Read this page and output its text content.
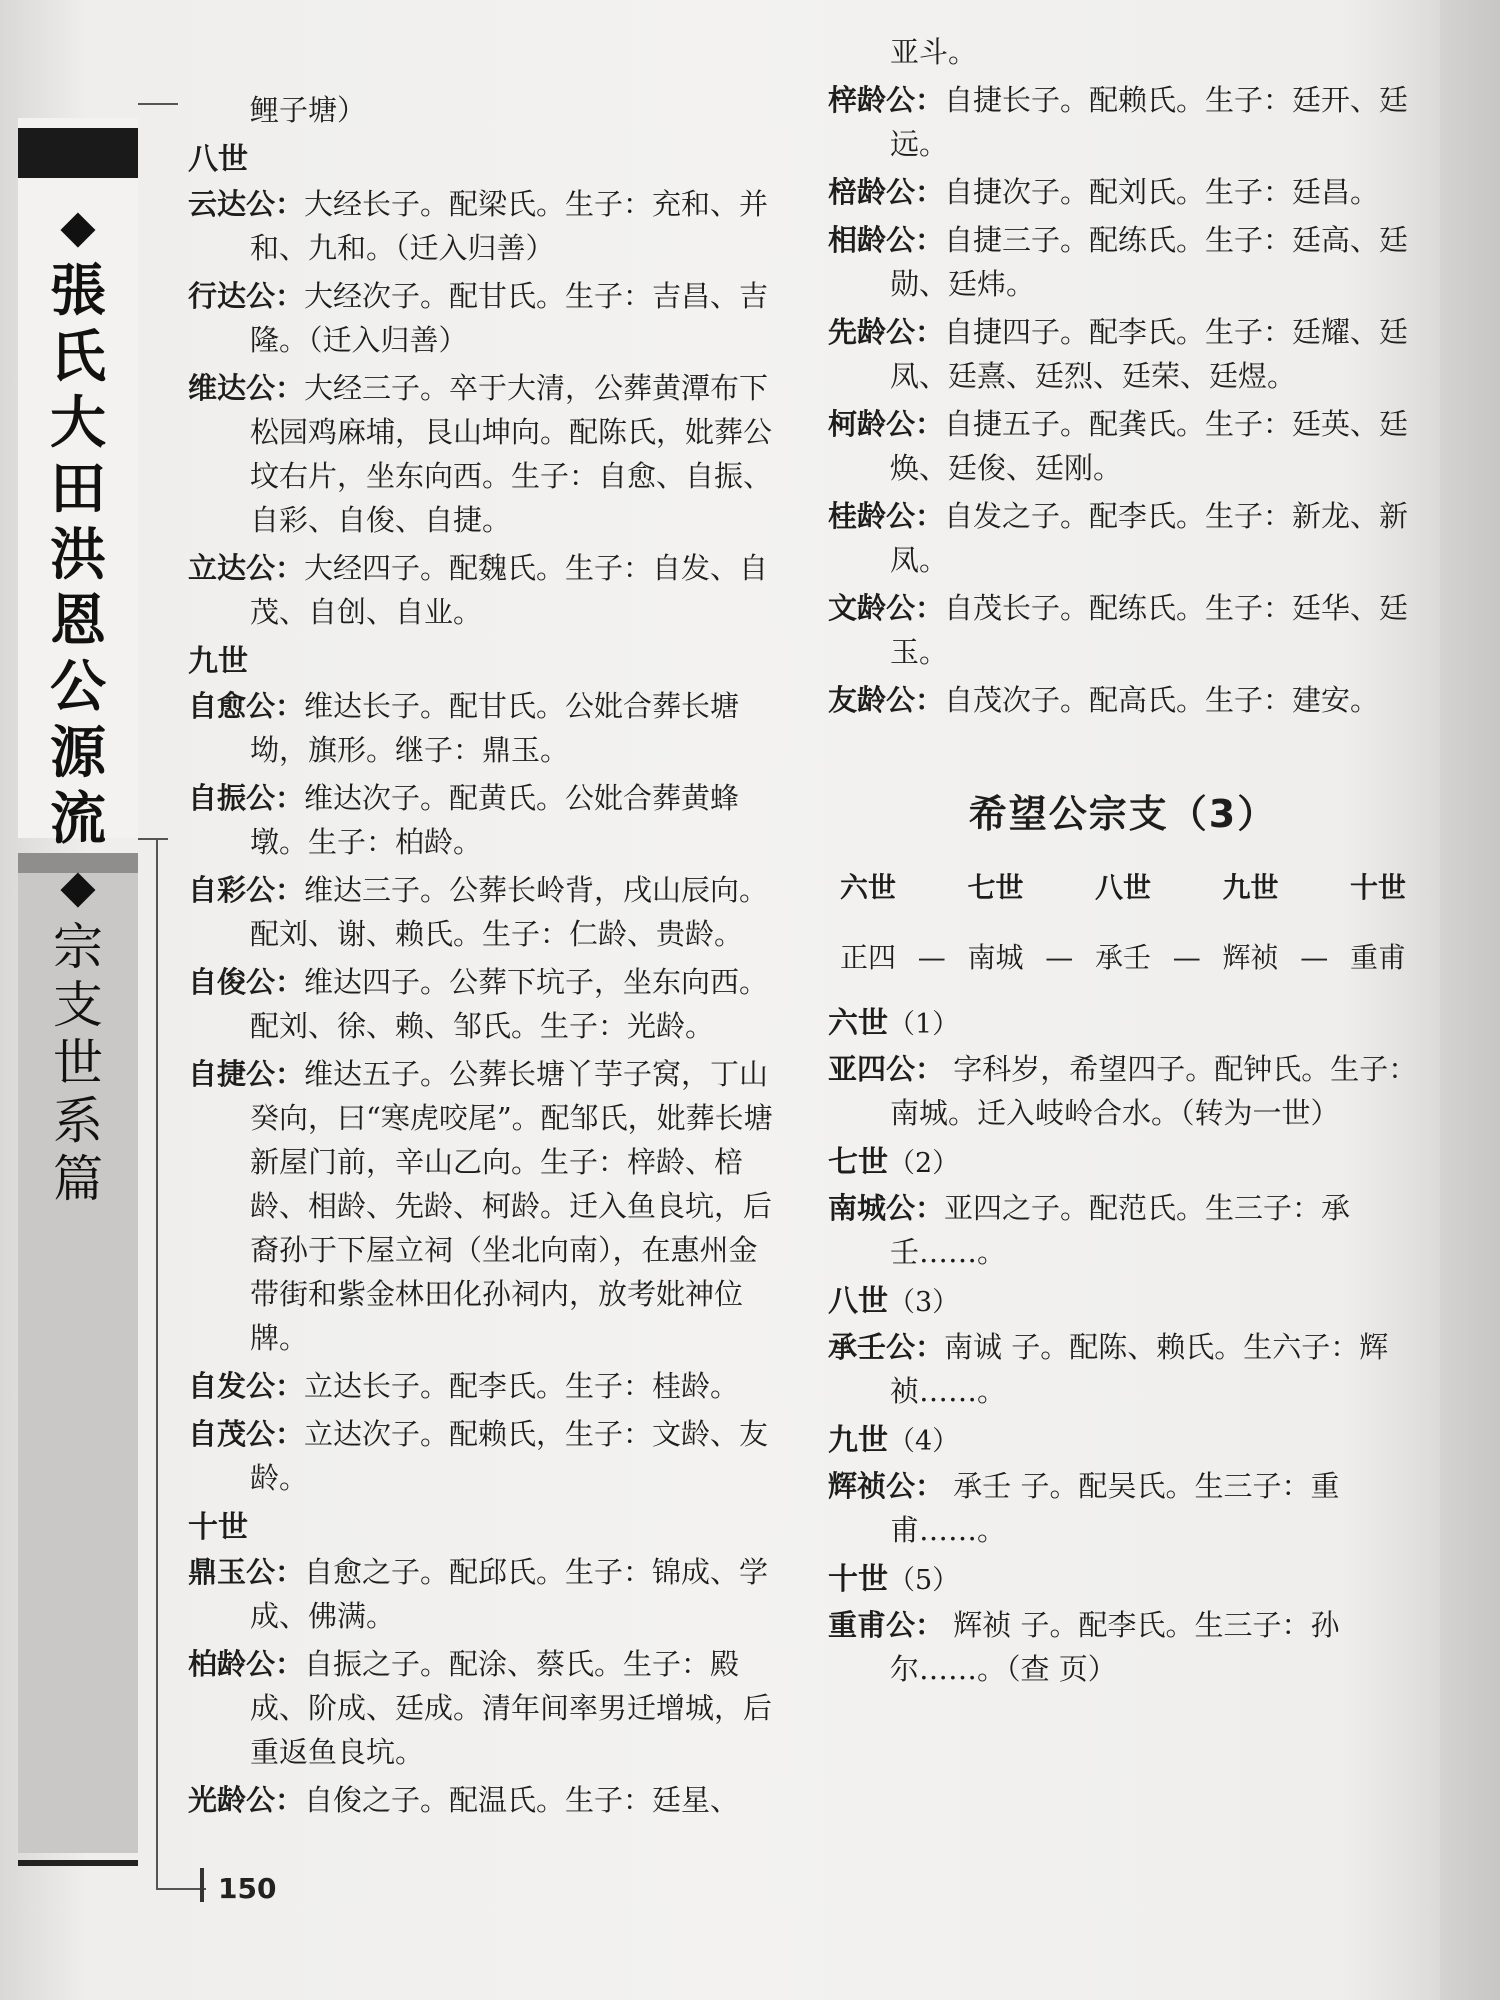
◆
張
氏
大
田
洪
恩
公
源
流
◆
宗
支
世
系
篇
150

鲤子塘）

八世

云达公：大经长子。配梁氏。生子：充和、并和、九和。（迁入归善）

行达公：大经次子。配甘氏。生子：吉昌、吉隆。（迁入归善）

维达公：大经三子。卒于大清，公葬黄潭布下松园鸡麻埔，艮山坤向。配陈氏，妣葬公坟右片，坐东向西。生子：自愈、自振、自彩、自俊、自捷。

立达公：大经四子。配魏氏。生子：自发、自茂、自创、自业。

九世

自愈公：维达长子。配甘氏。公妣合葬长塘坳，旗形。继子：鼎玉。

自振公：维达次子。配黄氏。公妣合葬黄蜂墩。生子：柏龄。

自彩公：维达三子。公葬长岭背，戌山辰向。配刘、谢、赖氏。生子：仁龄、贵龄。

自俊公：维达四子。公葬下坑子，坐东向西。配刘、徐、赖、邹氏。生子：光龄。

自捷公：维达五子。公葬长塘丫芋子窝，丁山癸向，曰“寒虎咬尾”。配邹氏，妣葬长塘新屋门前，辛山乙向。生子：梓龄、棓龄、相龄、先龄、柯龄。迁入鱼良坑，后裔孙于下屋立祠（坐北向南），在惠州金带街和紫金林田化孙祠内，放考妣神位牌。

自发公：立达长子。配李氏。生子：桂龄。

自茂公：立达次子。配赖氏，生子：文龄、友龄。

十世

鼎玉公：自愈之子。配邱氏。生子：锦成、学成、佛满。

柏龄公：自振之子。配涂、蔡氏。生子：殿成、阶成、廷成。清年间率男迁增城，后重返鱼良坑。

光龄公：自俊之子。配温氏。生子：廷星、

亚斗。

梓龄公：自捷长子。配赖氏。生子：廷开、廷远。

棓龄公：自捷次子。配刘氏。生子：廷昌。

相龄公：自捷三子。配练氏。生子：廷高、廷勋、廷炜。

先龄公：自捷四子。配李氏。生子：廷耀、廷凤、廷熹、廷烈、廷荣、廷煜。

柯龄公：自捷五子。配龚氏。生子：廷英、廷焕、廷俊、廷刚。

桂龄公：自发之子。配李氏。生子：新龙、新凤。

文龄公：自茂长子。配练氏。生子：廷华、廷玉。

友龄公：自茂次子。配高氏。生子：建安。

希望公宗支（3）
六世	七世	八世	九世	十世
正四 — 南城 — 承壬 — 辉祯 — 重甫
六世（1）

亚四公： 字科岁，希望四子。配钟氏。生子：南城。迁入岐岭合水。（转为一世）

七世（2）

南城公：亚四之子。配范氏。生三子：承壬……。

八世（3）

承壬公：南诚 子。配陈、赖氏。生六子：辉祯……。

九世（4）

辉祯公： 承壬 子。配吴氏。生三子：重甫……。

十世（5）

重甫公： 辉祯 子。配李氏。生三子：孙尔……。（查 页）
